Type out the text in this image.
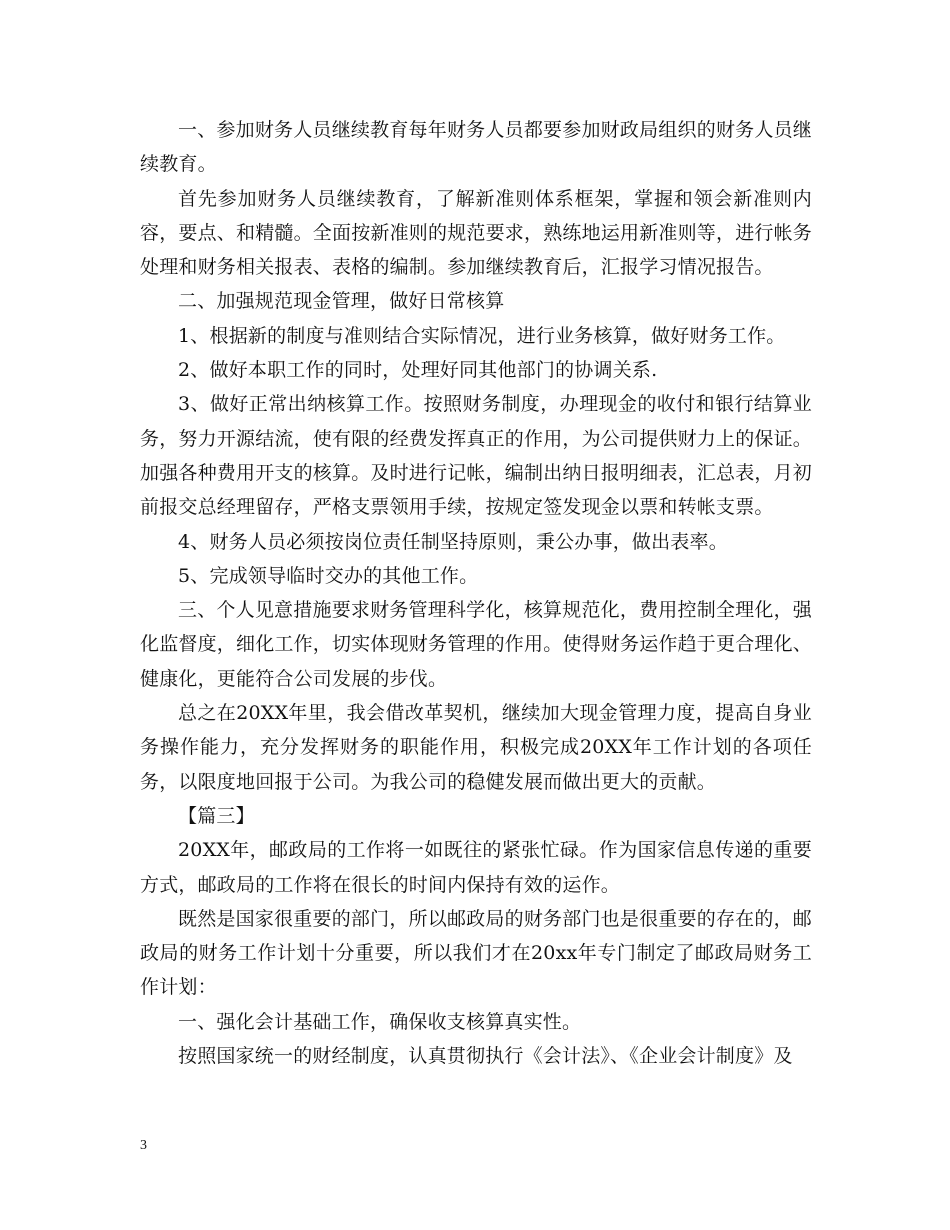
一、参加财务人员继续教育每年财务人员都要参加财政局组织的财务人员继续教育。

首先参加财务人员继续教育，了解新准则体系框架，掌握和领会新准则内容，要点、和精髓。全面按新准则的规范要求，熟练地运用新准则等，进行帐务处理和财务相关报表、表格的编制。参加继续教育后，汇报学习情况报告。

二、加强规范现金管理，做好日常核算

1、根据新的制度与准则结合实际情况，进行业务核算，做好财务工作。

2、做好本职工作的同时，处理好同其他部门的协调关系.

3、做好正常出纳核算工作。按照财务制度，办理现金的收付和银行结算业务，努力开源结流，使有限的经费发挥真正的作用，为公司提供财力上的保证。加强各种费用开支的核算。及时进行记帐，编制出纳日报明细表，汇总表，月初前报交总经理留存，严格支票领用手续，按规定签发现金以票和转帐支票。

4、财务人员必须按岗位责任制坚持原则，秉公办事，做出表率。

5、完成领导临时交办的其他工作。

三、个人见意措施要求财务管理科学化，核算规范化，费用控制全理化，强化监督度，细化工作，切实体现财务管理的作用。使得财务运作趋于更合理化、健康化，更能符合公司发展的步伐。

总之在20XX年里，我会借改革契机，继续加大现金管理力度，提高自身业务操作能力，充分发挥财务的职能作用，积极完成20XX年工作计划的各项任务，以限度地回报于公司。为我公司的稳健发展而做出更大的贡献。

【篇三】

20XX年，邮政局的工作将一如既往的紧张忙碌。作为国家信息传递的重要方式，邮政局的工作将在很长的时间内保持有效的运作。

既然是国家很重要的部门，所以邮政局的财务部门也是很重要的存在的，邮政局的财务工作计划十分重要，所以我们才在20xx年专门制定了邮政局财务工作计划：

一、强化会计基础工作，确保收支核算真实性。

按照国家统一的财经制度，认真贯彻执行《会计法》、《企业会计制度》及

3
